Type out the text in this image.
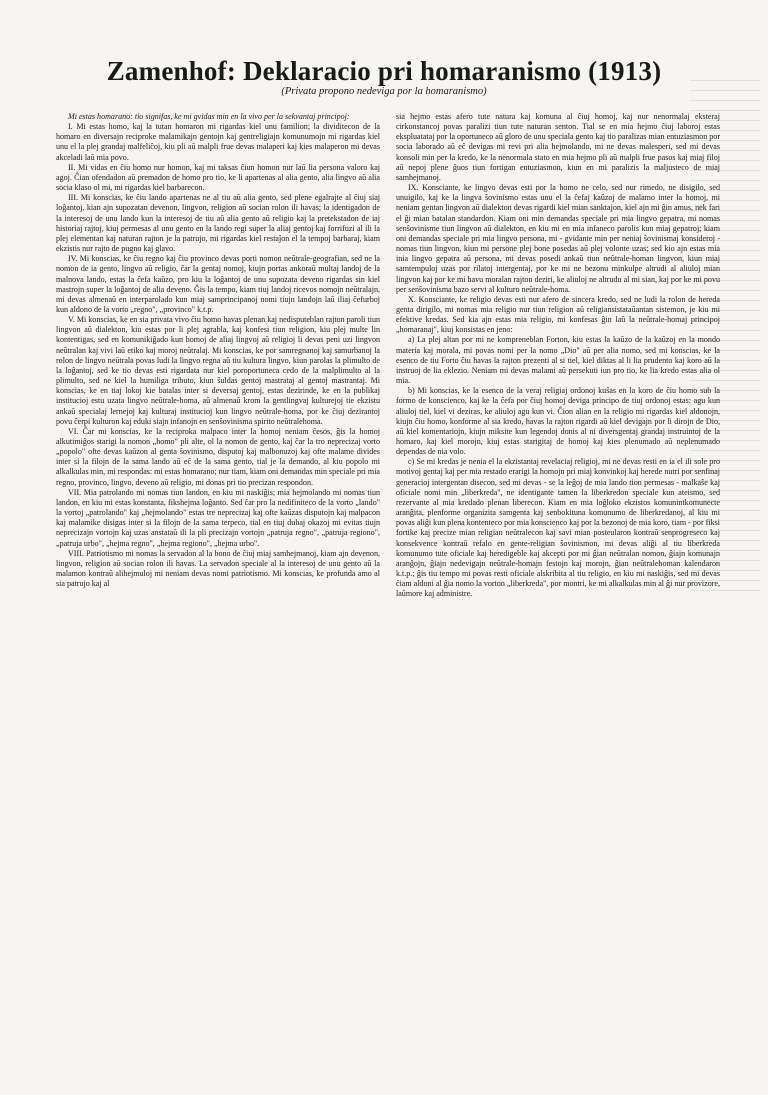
Zamenhof: Deklaracio pri homaranismo (1913)
(Privata propono nedeviga por la homaranismo)

Mi estas homarano: tio signifas, ke mi gvidas min en la vivo per la sekvantaj principoj:

I. Mi estas homo, kaj la tutan homaron mi rigardas kiel unu familion; la dividitecon de la homaro en diversajn reciproke malamikajn gentojn kaj gentreligiajn komunumojn mi rigardas kiel unu el la plej grandaj malfeliĉoj, kiu pli aŭ malpli frue devas malaperi kaj kies malaperon mi devas akceladi laŭ mia povo.

II. Mi vidas en ĉiu homo nur homon, kaj mi taksas ĉiun homon nur laŭ lia persona valoro kaj agoj. Ĉian ofendadon aŭ premadon de homo pro tio, ke li apartenas al alia gento, alia lingvo aŭ alia socia klaso ol mi, mi rigardas kiel barbarecon.

III. Mi konscias, ke ĉiu lando apartenas ne al tiu aŭ alia gento, sed plene egalrajte al ĉiuj siaj loĝantoj, kian ajn supozatan devenon, lingvon, religion aŭ socian rolon ili havas; la identigadon de la interesoj de unu lando kun la interesoj de tiu aŭ alia gento aŭ religio kaj la pretekstadon de iaj historiaj rajtoj, kiuj permesas al unu gento en la lando regi super la aliaj gentoj kaj forrifuzi al ili la plej elementan kaj naturan rajton je la patrujo, mi rigardas kiel restaĵon el la tempoj barbaraj, kiam ekzistis nur rajto de pugno kaj glavo.

IV. Mi konscias, ke ĉiu regno kaj ĉiu provinco devas porti nomon neŭtrale-geografian, sed ne la nomon de ia gento, lingvo aŭ religio, ĉar la gentaj nomoj, kiujn portas ankoraŭ multaj landoj de la malnova lando, estas la ĉefa kaŭzo, pro kiu la loĝantoj de unu supozata deveno rigardas sin kiel mastrojn super la loĝantoj de alia deveno. Ĝis la tempo, kiam tiuj landoj ricevos nomojn neŭtralajn, mi devas almenaŭ en interparolado kun miaj samprincipanoj nomi tiujn landojn laŭ iliaj ĉefurboj kun aldono de la vorto „regno", „provinco" k.t.p.

V. Mi konscias, ke en sia privata vivo ĉiu homo havas plenan kaj nedisputeblan rajton paroli tiun lingvon aŭ dialekton, kiu estas por li plej agrabla, kaj konfesi tiun religion, kiu plej multe lin kontentigas, sed en komunikiĝado kun homoj de aliaj lingvoj aŭ religioj li devas peni uzi lingvon neŭtralan kaj vivi laŭ etiko kaj moroj neŭtralaj. Mi konscias, ke por samregnanoj kaj samurbanoj la rolon de lingvo neŭtrala povas ludi la lingvo regna aŭ tiu kultura lingvo, kiun parolas la plimulto de la loĝantoj, sed ke tio devas esti rigardata nur kiel poroportuneca cedo de la malplimulto al la plimulto, sed ne kiel la humiliga tributo, kiun ŝuldas gentoj mastrataj al gentoj mastrantaj. Mi konscias, ke en tiaj lokoj kie batalas inter si deversaj gentoj, estas dezirinde, ke en la publikaj institucioj estu uzata lingvo neŭtrale-homa, aŭ almenaŭ krom la gentlingvaj kulturejoj tie ekzistu ankaŭ specialaj lernejoj kaj kulturaj institucioj kun lingvo neŭtrale-homa, por ke ĉiuj dezirantoj povu ĉerpi kulturon kaj eduki siajn infanojn en senŝovinisma spirito neŭtralehoma.

VI. Ĉar mi konscias, ke la reciproka malpaco inter la homoj neniam ĉesos, ĝis la homoj alkutimiĝos starigi la nomon „homo" pli alte, ol la nomon de gento, kaj ĉar la tro neprecizaj vorto „popolo" ofte devas kaŭzon al genta ŝovinismo, disputoj kaj malbonuzoj kaj ofte malame divides inter si la filojn de la sama lando aŭ eĉ de la sama gento, tial je la demando, al kiu popolo mi alkalkulas min, mi respondas: mi estas homarano; nur tiam, kiam oni demandas min speciale pri mia regno, provinco, lingvo, deveno aŭ religio, mi donas pri tio precizan respondon.

VII. Mia patrolando mi nomas tiun landon, en kiu mi naskiĝis; mia hejmolando mi nomas tiun landon, en kiu mi estas konstanta, fikshejma loĝanto. Sed ĉar pro la nedifiniteco de la vorto „lando" la vortoj „patrolando" kaj „hejmolando" estas tre neprecizaj kaj ofte kaŭzas disputojn kaj malpacon kaj malamike disigas inter si la filojn de la sama terpeco, tial en tiuj dubaj okazoj mi evitas tiujn neprecizajn vortojn kaj uzas anstataŭ ili la pli precizajn vortojn „patruja regno", „patruja regiono", „patruja urbo", „hejma regno", „hejma regiono", „hejma urbo".

VIII. Patriotismo mi nomas la servadon al la bono de ĉiuj miaj samhejmanoj, kiam ajn devenon, lingvon, religion aŭ socian rolon ili havas. La servadon speciale al la interesoj de unu gento aŭ la malamon kontraŭ alihejmuloj mi neniam devas nomi patriotismo. Mi konscias, ke profunda amo al sia patrujo kaj al

sia hejmo estas afero tute natura kaj komuna al ĉiuj homoj, kaj nur nenormalaj eksteraj cirkonstancoj povas paralizi tiun tute naturan senton. Tial se en mia hejmo ĉiuj laboroj estas ekspluatataj por la oportuneco aŭ gloro de unu speciala gento kaj tio paralizas mian entuziasmon por socia laborado aŭ eĉ devigas mi revi pri alia hejmolando, mi ne devas malesperi, sed mi devas konsoli min per la kredo, ke la nenormala stato en mia hejmo pli aŭ malpli frue pasos kaj miaj filoj aŭ nepoj plene ĝuos tiun fortigan entuziasmon, kiun en mi paralizis la maljusteco de miaj samhejmanoj.

IX. Konsciante, ke lingvo devas esti por la homo ne celo, sed nur rimedo, ne disigilo, sed unuigilo, kaj ke la lingva ŝovinismo estas unu el la ĉefaj kaŭzoj de malamo inter la homoj, mi neniam gentan lingvon aŭ dialekton devas rigardi kiel mian sanktajon, kiel ajn mi ĝin amus, nek fari el ĝi mian batalan standardon. Kiam oni min demandas speciale pri mia lingvo gepatra, mi nomas senŝovinisme tiun lingvon aŭ dialekton, en kiu mi en mia infaneco parolis kun miaj gepatroj; kiam oni demandas speciale pri mia lingvo persona, mi - gvidante min per neniaj ŝovinismaj konsideroj - nomas tiun lingvon, kiun mi persone plej bone posedas aŭ plej volonte uzas; sed kio ajn estas mia inia lingvo gepatra aŭ persona, mi devas posedi ankaŭ tiun neŭtrale-homan lingvon, kiun miaj samtempuloj uzas por rilatoj intergentaj, por ke mi ne bezonu minkulpe altrudi al aliuloj mian lingvon kaj por ke mi havu moralan rajton deziri, ke aliuloj ne altrudu al mi sian, kaj por ke mi povu per senŝovinisma bazo servi al kulturo neŭtrale-homa.

X. Konsciante, ke religio devas esti nur afero de sincera kredo, sed ne ludi la rolon de hereda genta dirigilo, mi nomas mia religio nur tiun religion aŭ religiansistataŭantan sistemon, je kiu mi efektive kredas. Sed kia ajn estas mia religio, mi konfesas ĝin laŭ la neŭtrale-homaj principoj „homaranaj", kiuj konsistas en jeno:

a) La plej altan por mi ne kompreneblan Forton, kiu estas la kaŭzo de la kaŭzoj en la mondo materia kaj morala, mi povas nomi per la nomo „Dio" aŭ per alia nomo, sed mi konscias, ke la esenco de tiu Forto ĉiu havas la rajton prezenti al si tiel, kiel diktas al li lia prudento kaj koro aŭ la instruoj de lia eklezio. Neniam mi devas malami aŭ persekuti iun pro tio, ke lia kredo estas alia ol mia.

b) Mi konscias, ke la esenco de la veraj religiaj ordonoj kuŝas en la koro de ĉiu homo sub la formo de konscienco, kaj ke la ĉefa por ĉiuj homoj deviga principo de tiuj ordonoj estas: agu kun aliuloj tiel, kiel vi deziras, ke aliuloj agu kun vi. Ĉion alian en la religio mi rigardas kiel aldonojn, kiujn ĉiu homo, konforme al sia kredo, havas la rajton rigardi aŭ kiel devigajn por li dirojn de Dio, aŭ kiel komentariojn, kiujn miksite kun legendoj donis al ni diversgentaj grandaj instruintoj de la homaro, kaj kiel morojn, kiuj estas starigitaj de homoj kaj kies plenumado aŭ neplenumado dependas de nia volo.

c) Se mi kredas je nenia el la ekzistantaj revelaciaj religioj, mi ne devas resti en ia el ili sole pro motivoj gentaj kaj per mia restado erarigi la homojn pri miaj konvinkoj kaj heredе nutri por senfinaj generacioj intergentan disecon, sed mi devas - se la leĝoj de mia lando tion permesas - malkaŝe kaj oficiale nomi min „liberkreda", ne identigante tamen la liberkredon speciale kun ateismo, sed rezervante al mia kredado plenan liberecon. Kiam en mia loĝloko ekzistos komunintkomunecte aranĝita, plenforme organizita samgenta kaj senbokituna komunumo de liberkredanoj, al kiu mi povas aliĝi kun plena kontenteco por mia konscienco kaj por la bezonoj de mia koro, tiam - por fiksi fortike kaj precize mian religian neŭtralecon kaj savi mian posteularon kontraŭ senprogreseco kaj konsekvence kontraŭ refalo en gente-religian ŝovinismon, mi devas aliĝi al tiu liberkreda komunumo tute oficiale kaj heredigeble kaj akcepti por mi ĝian neŭtralan nomon, ĝiajn komunajn aranĝojn, ĝiajn nedevigajn neŭtrale-homajn festojn kaj morojn, ĝian neŭtralehoman kalendaron k.t.p.; ĝis tiu tempo mi povas resti oficiale alskribita al tiu religio, en kiu mi naskiĝis, sed mi devas ĉiam aldoni al ĝia nomo la vorton „liberkreda", por montri, ke mi alkalkulas min al ĝi nur provizore, laŭmore kaj administre.
